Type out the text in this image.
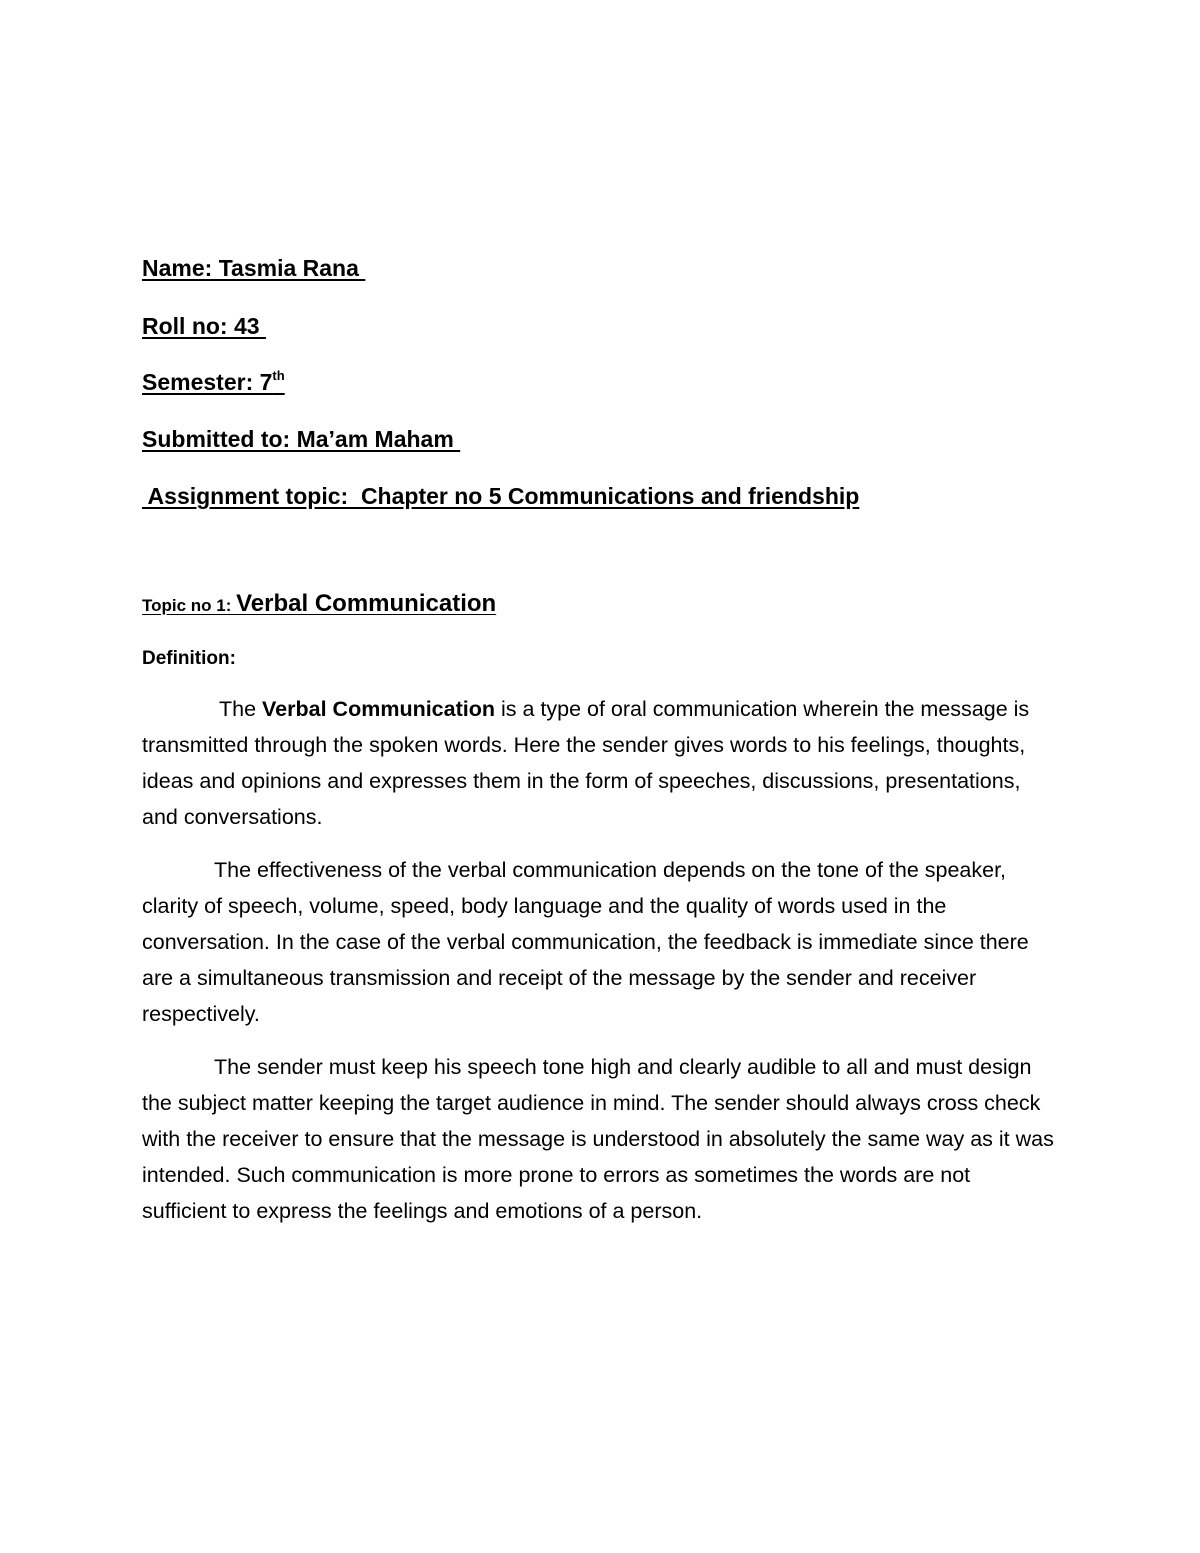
Name: Tasmia Rana
Roll no: 43
Semester: 7th
Submitted to: Ma’am Maham
Assignment topic:  Chapter no 5 Communications and friendship
Topic no 1: Verbal Communication
Definition:

The Verbal Communication is a type of oral communication wherein the message is transmitted through the spoken words. Here the sender gives words to his feelings, thoughts, ideas and opinions and expresses them in the form of speeches, discussions, presentations, and conversations.

The effectiveness of the verbal communication depends on the tone of the speaker, clarity of speech, volume, speed, body language and the quality of words used in the conversation. In the case of the verbal communication, the feedback is immediate since there are a simultaneous transmission and receipt of the message by the sender and receiver respectively.

The sender must keep his speech tone high and clearly audible to all and must design the subject matter keeping the target audience in mind. The sender should always cross check with the receiver to ensure that the message is understood in absolutely the same way as it was intended. Such communication is more prone to errors as sometimes the words are not sufficient to express the feelings and emotions of a person.
